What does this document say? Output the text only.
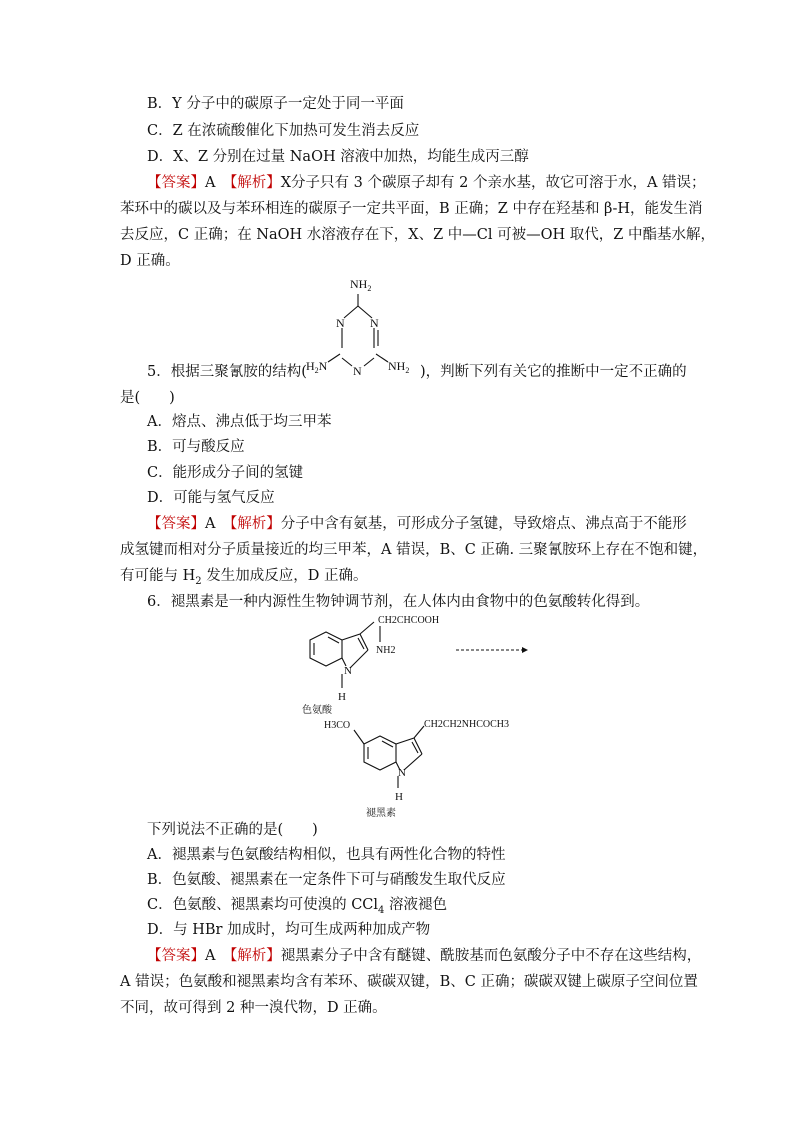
B．Y 分子中的碳原子一定处于同一平面
C．Z 在浓硫酸催化下加热可发生消去反应
D．X、Z 分别在过量 NaOH 溶液中加热，均能生成丙三醇
【答案】A　 【解析】X分子只有 3 个碳原子却有 2 个亲水基，故它可溶于水，A 错误；
苯环中的碳以及与苯环相连的碳原子一定共平面，B 正确；Z 中存在羟基和 β-H，能发生消
去反应，C 正确；在 NaOH 水溶液存在下，X、Z 中—Cl 可被—OH 取代，Z 中酯基水解，
D 正确。
$NH_2$
N N
N
$H_2N$	$NH_2$
5．根据三聚氰胺的结构(	)，判断下列有关它的推断中一定不正确的
是(　　)
A．熔点、沸点低于均三甲苯
B．可与酸反应
C．能形成分子间的氢键
D．可能与氢气反应
【答案】A　 【解析】分子中含有氨基，可形成分子氢键，导致熔点、沸点高于不能形
成氢键而相对分子质量接近的均三甲苯，A 错误，B、C 正确. 三聚氰胺环上存在不饱和键，
有可能与 $H_2$ 发生加成反应，D 正确。
6．褪黑素是一种内源性生物钟调节剂，在人体内由食物中的色氨酸转化得到。
CH2CHCOOH
NH2
N
H
色氨酸
H3CO	CH2CH2NHCOCH3
N
H
褪黑素
下列说法不正确的是(　　)
A．褪黑素与色氨酸结构相似，也具有两性化合物的特性
B．色氨酸、褪黑素在一定条件下可与硝酸发生取代反应
C．色氨酸、褪黑素均可使溴的 CCl$_4$ 溶液褪色
D．与 HBr 加成时，均可生成两种加成产物
【答案】A　 【解析】褪黑素分子中含有醚键、酰胺基而色氨酸分子中不存在这些结构，
A 错误；色氨酸和褪黑素均含有苯环、碳碳双键，B、C 正确；碳碳双键上碳原子空间位置
不同，故可得到 2 种一溴代物，D 正确。
